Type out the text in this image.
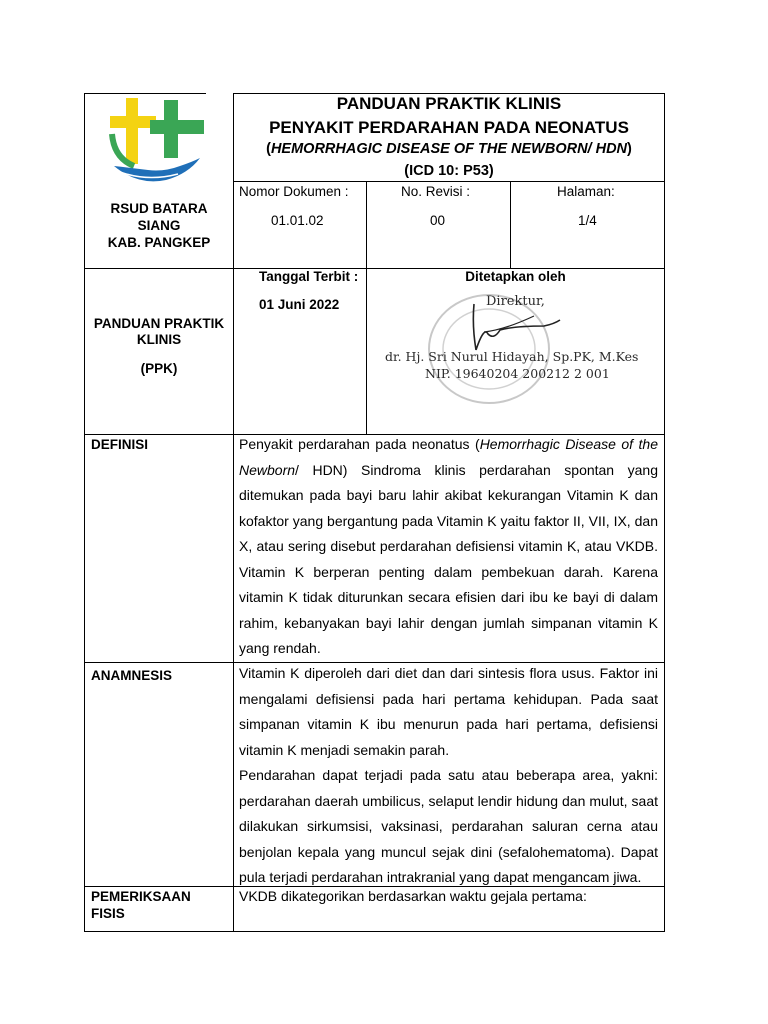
PANDUAN PRAKTIK KLINIS
PENYAKIT PERDARAHAN PADA NEONATUS
(HEMORRHAGIC DISEASE OF THE NEWBORN/ HDN)
(ICD 10: P53)
RSUD BATARA
SIANG
KAB. PANGKEP
Nomor Dokumen :
01.01.02
No. Revisi :
00
Halaman:
1/4
PANDUAN PRAKTIK
KLINIS
(PPK)
Tanggal Terbit :
01 Juni 2022
Ditetapkan oleh
Direktur,
dr. Hj. Sri Nurul Hidayah, Sp.PK, M.Kes
NIP. 19640204 200212 2 001
DEFINISI	Penyakit perdarahan pada neonatus (Hemorrhagic Disease of the Newborn/ HDN) Sindroma klinis perdarahan spontan yang ditemukan pada bayi baru lahir akibat kekurangan Vitamin K dan kofaktor yang bergantung pada Vitamin K yaitu faktor II, VII, IX, dan X, atau sering disebut perdarahan defisiensi vitamin K, atau VKDB. Vitamin K berperan penting dalam pembekuan darah. Karena vitamin K tidak diturunkan secara efisien dari ibu ke bayi di dalam rahim, kebanyakan bayi lahir dengan jumlah simpanan vitamin K yang rendah.
ANAMNESIS	Vitamin K diperoleh dari diet dan dari sintesis flora usus. Faktor ini mengalami defisiensi pada hari pertama kehidupan. Pada saat simpanan vitamin K ibu menurun pada hari pertama, defisiensi vitamin K menjadi semakin parah.
Pendarahan dapat terjadi pada satu atau beberapa area, yakni: perdarahan daerah umbilicus, selaput lendir hidung dan mulut, saat dilakukan sirkumsisi, vaksinasi, perdarahan saluran cerna atau benjolan kepala yang muncul sejak dini (sefalohematoma). Dapat pula terjadi perdarahan intrakranial yang dapat mengancam jiwa.
PEMERIKSAAN
FISIS
VKDB dikategorikan berdasarkan waktu gejala pertama:
